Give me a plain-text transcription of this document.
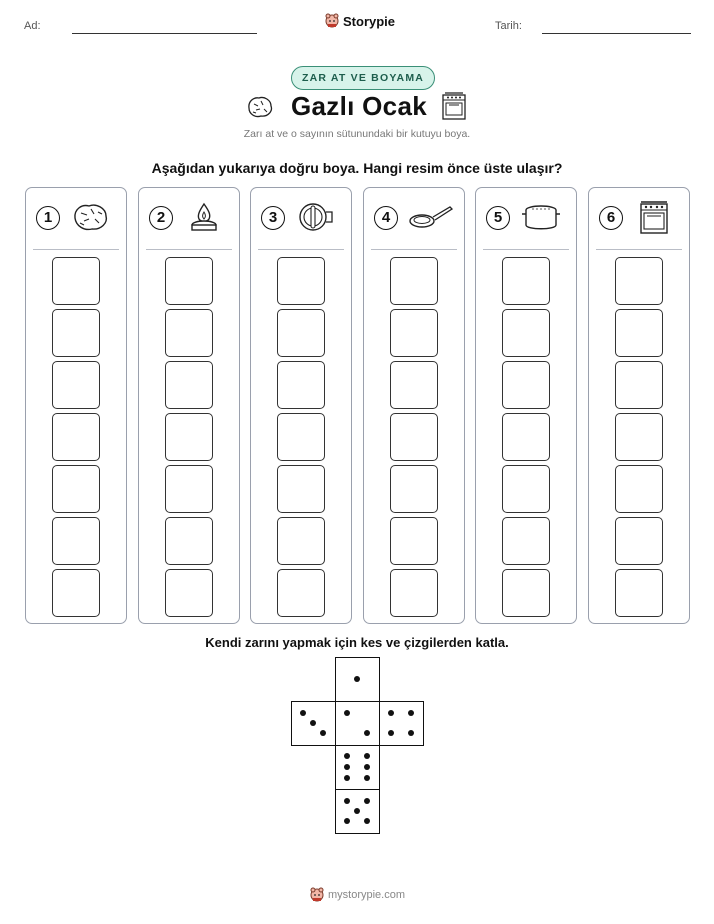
Ad:	Storypie	Tarih:
ZAR AT VE BOYAMA
Gazlı Ocak
Zarı at ve o sayının sütunundaki bir kutuyu boya.
Aşağıdan yukarıya doğru boya. Hangi resim önce üste ulaşır?
1	2	3	4	5	6
Kendi zarını yapmak için kes ve çizgilerden katla.
mystorypie.com
